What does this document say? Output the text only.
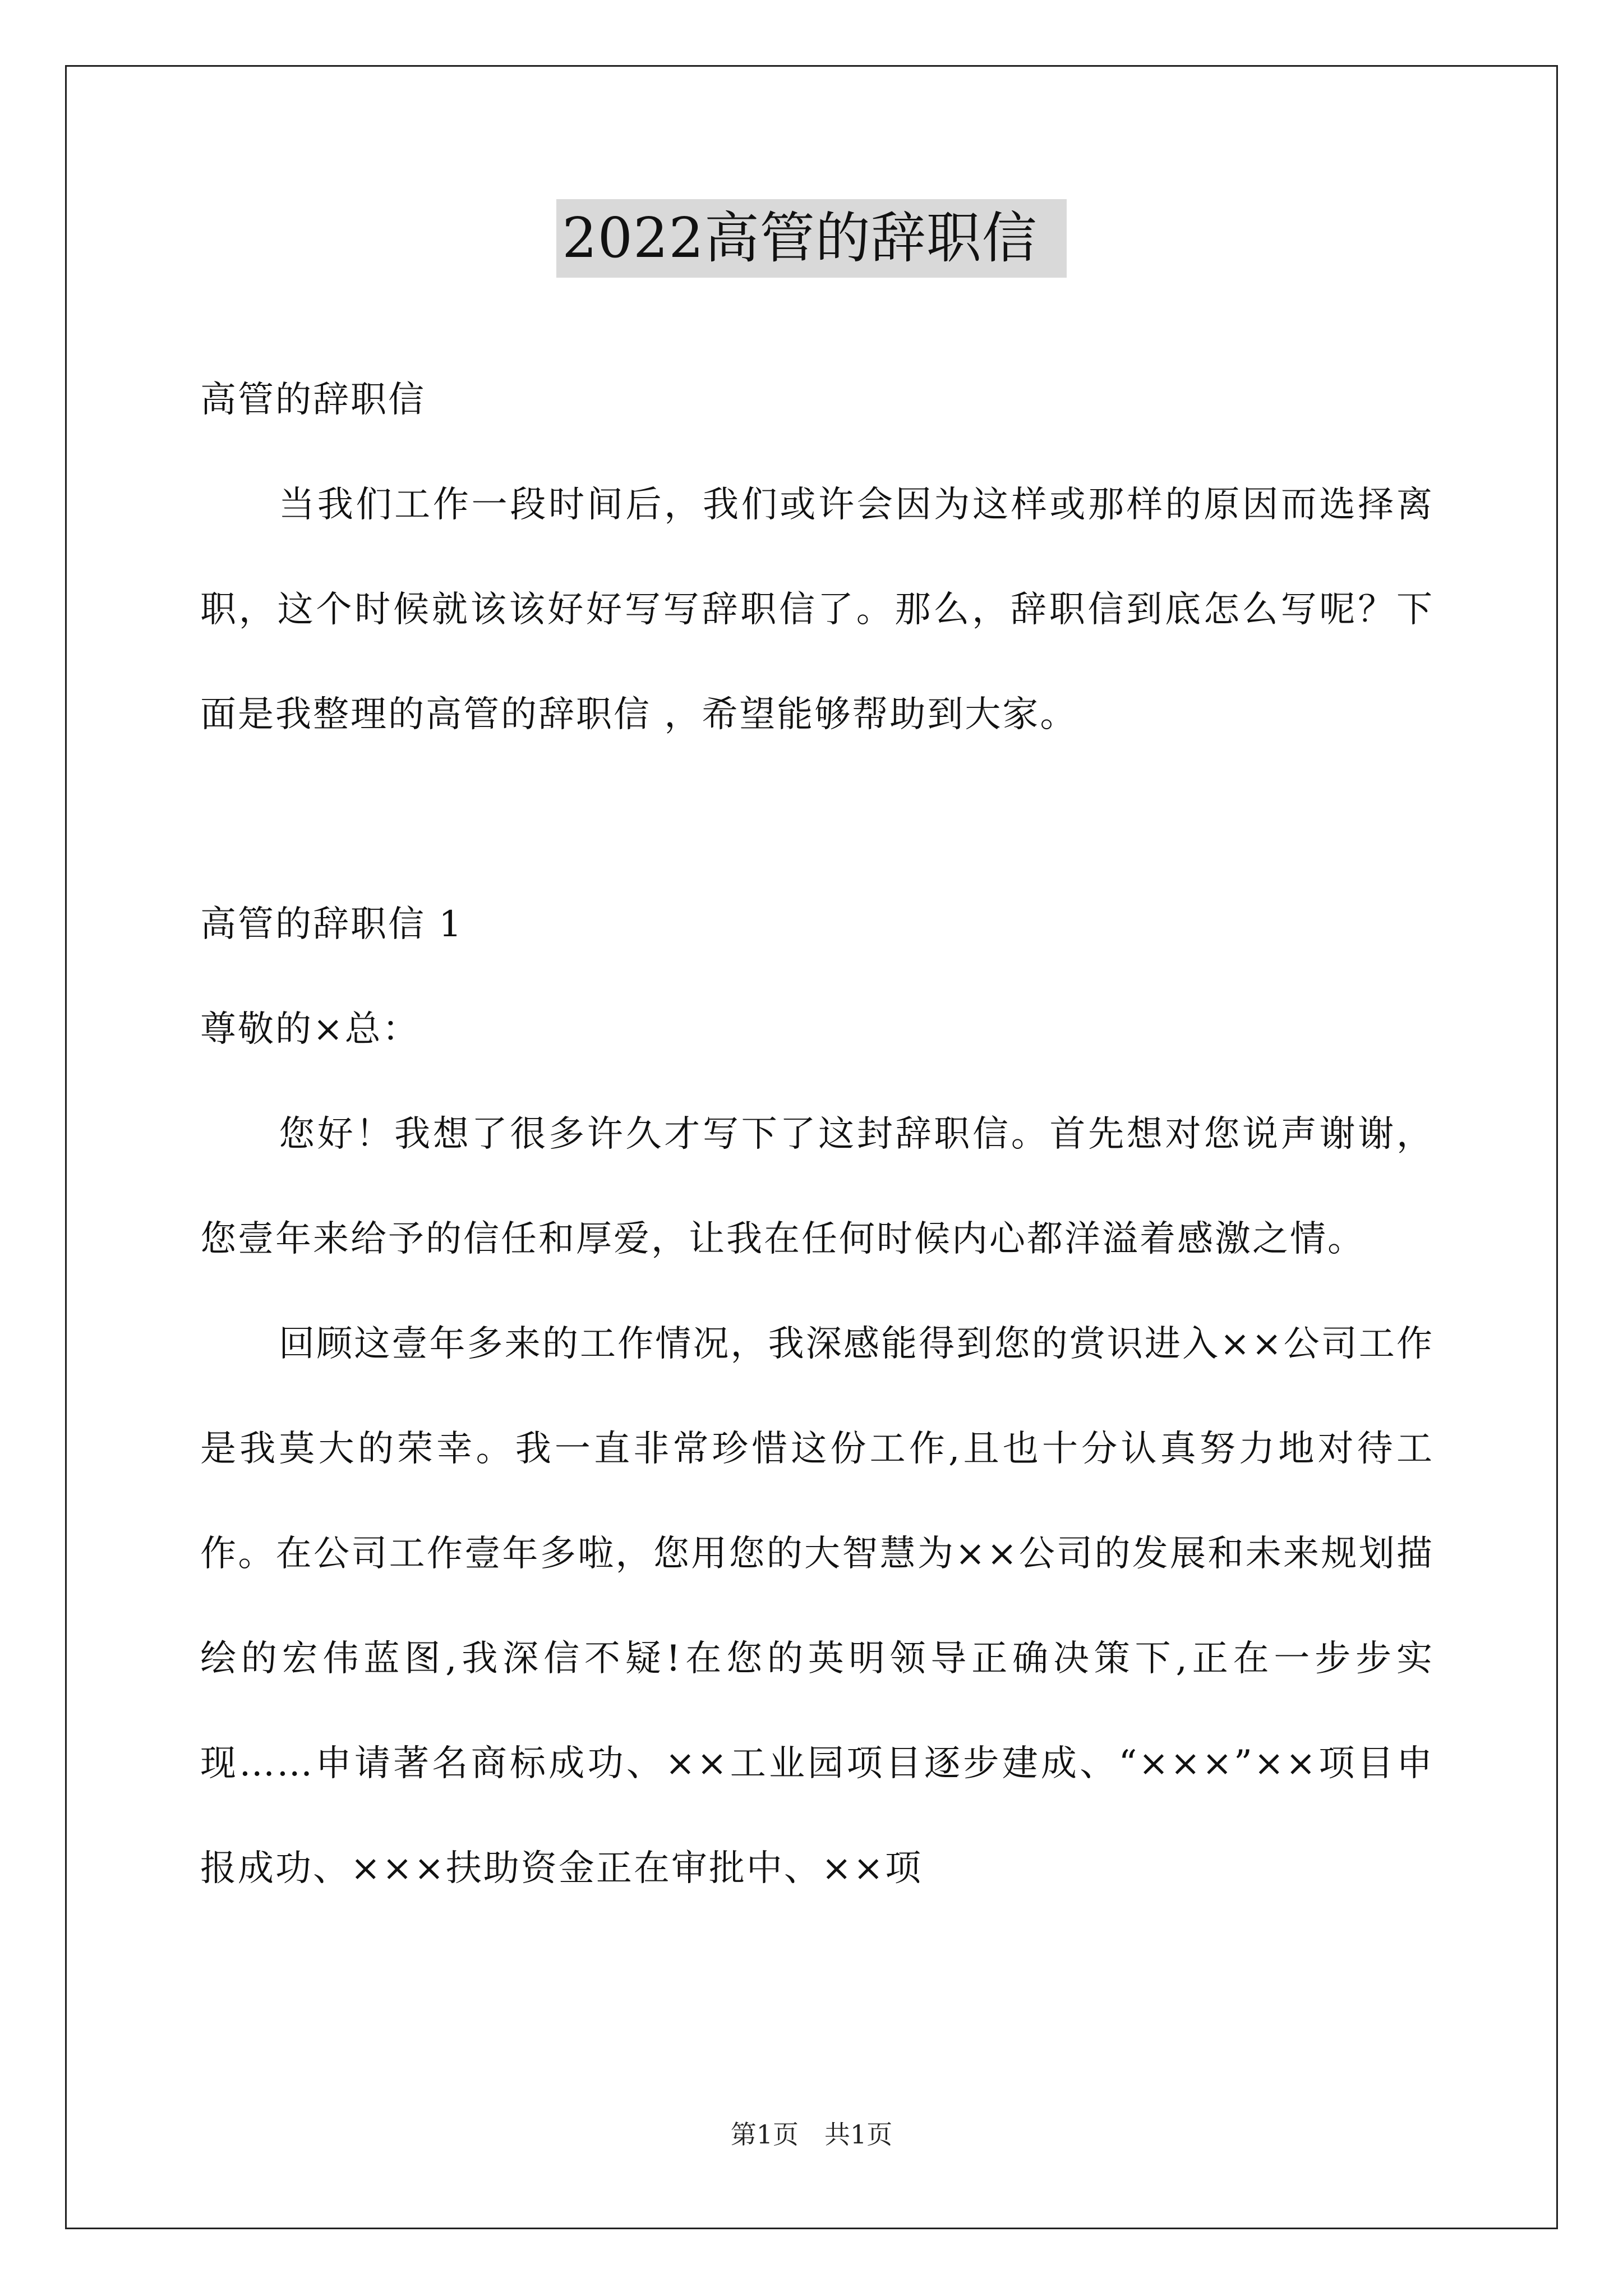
2022高管的辞职信

高管的辞职信

当我们工作一段时间后，我们或许会因为这样或那样的原因而选择离职，这个时候就该该好好写写辞职信了。那么，辞职信到底怎么写呢？下面是我整理的高管的辞职信 ，希望能够帮助到大家。

高管的辞职信 1

尊敬的×总：

您好！我想了很多许久才写下了这封辞职信。首先想对您说声谢谢，您壹年来给予的信任和厚爱，让我在任何时候内心都洋溢着感激之情。

回顾这壹年多来的工作情况，我深感能得到您的赏识进入××公司工作是我莫大的荣幸。我一直非常珍惜这份工作,且也十分认真努力地对待工作。在公司工作壹年多啦，您用您的大智慧为××公司的发展和未来规划描绘的宏伟蓝图,我深信不疑!在您的英明领导正确决策下,正在一步步实现……申请著名商标成功、××工业园项目逐步建成、“×××”××项目申报成功、×××扶助资金正在审批中、××项

第1页　共1页
